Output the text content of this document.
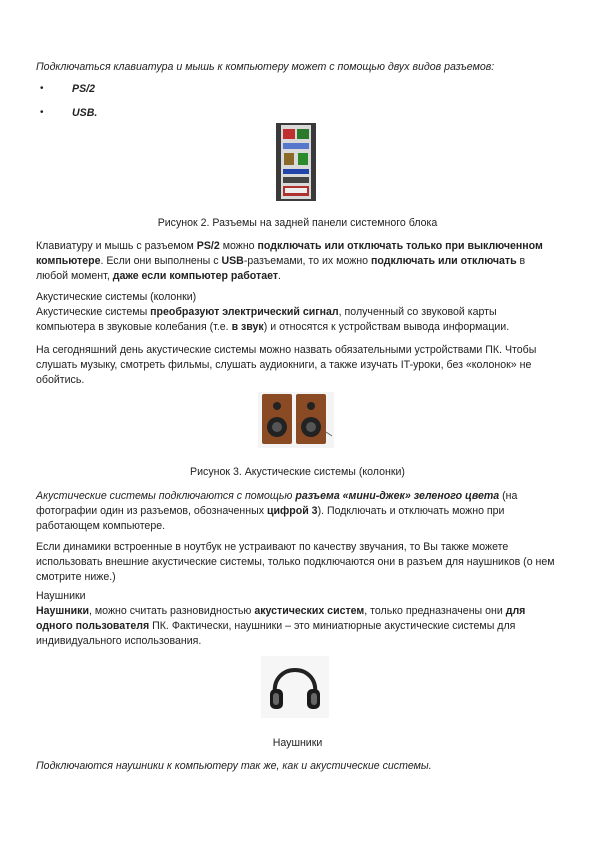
Подключаться клавиатура и мышь к компьютеру может с помощью двух видов разъемов:

•	PS/2
•	USB.
Рисунок 2. Разъемы на задней панели системного блока

Клавиатуру и мышь с разъемом PS/2 можно подключать или отключать только при выключенном компьютере. Если они выполнены с USB-разъемами, то их можно подключать или отключать в любой момент, даже если компьютер работает.

Акустические системы (колонки)

Акустические системы преобразуют электрический сигнал, полученный со звуковой карты компьютера в звуковые колебания (т.е. в звук) и относятся к устройствам вывода информации.

На сегодняшний день акустические системы можно назвать обязательными устройствами ПК. Чтобы слушать музыку, смотреть фильмы, слушать аудиокниги, а также изучать IT-уроки, без «колонок» не обойтись.

Рисунок 3. Акустические системы (колонки)

Акустические системы подключаются с помощью разъема «мини-джек» зеленого цвета (на фотографии один из разъемов, обозначенных цифрой 3). Подключать и отключать можно при работающем компьютере.

Если динамики встроенные в ноутбук не устраивают по качеству звучания, то Вы также можете использовать внешние акустические системы, только подключаются они в разъем для наушников (о нем смотрите ниже.)

Наушники

Наушники, можно считать разновидностью акустических систем, только предназначены они для одного пользователя ПК. Фактически, наушники – это миниатюрные акустические системы для индивидуального использования.

Наушники

Подключаются наушники к компьютеру так же, как и акустические системы.
